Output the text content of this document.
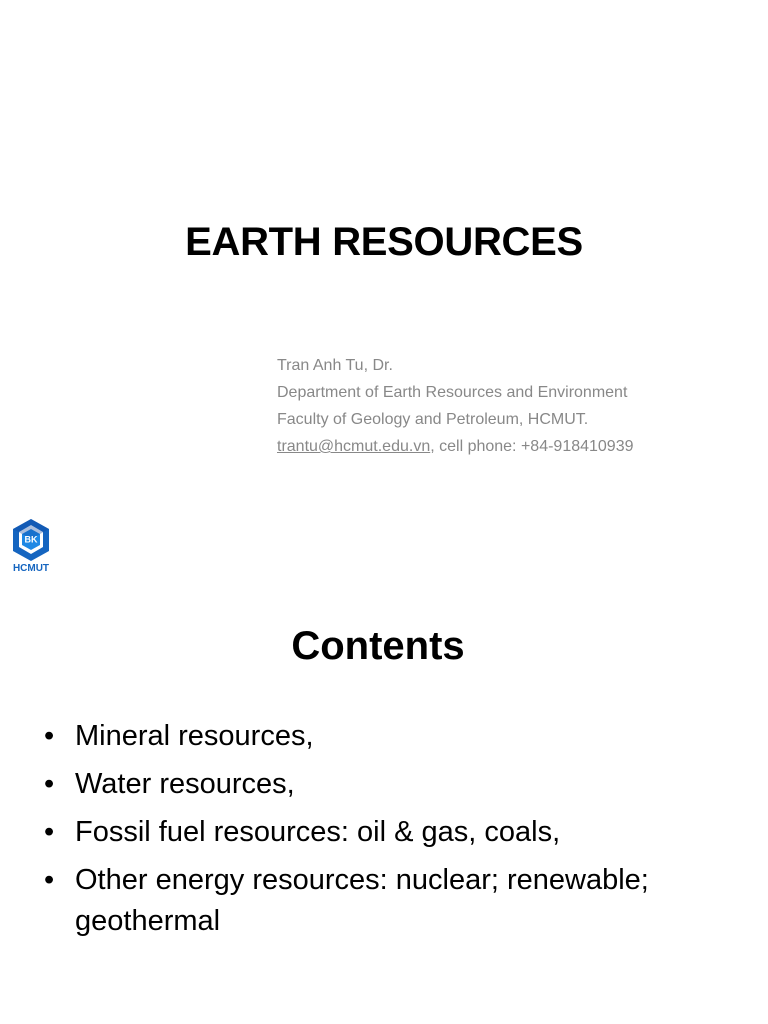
EARTH RESOURCES
Tran Anh Tu, Dr.
Department of Earth Resources and Environment
Faculty of Geology and Petroleum, HCMUT.
trantu@hcmut.edu.vn, cell phone: +84-918410939
BK
HCMUT
Contents
• Mineral resources,
• Water resources,
• Fossil fuel resources: oil & gas, coals,
• Other energy resources: nuclear; renewable; geothermal
